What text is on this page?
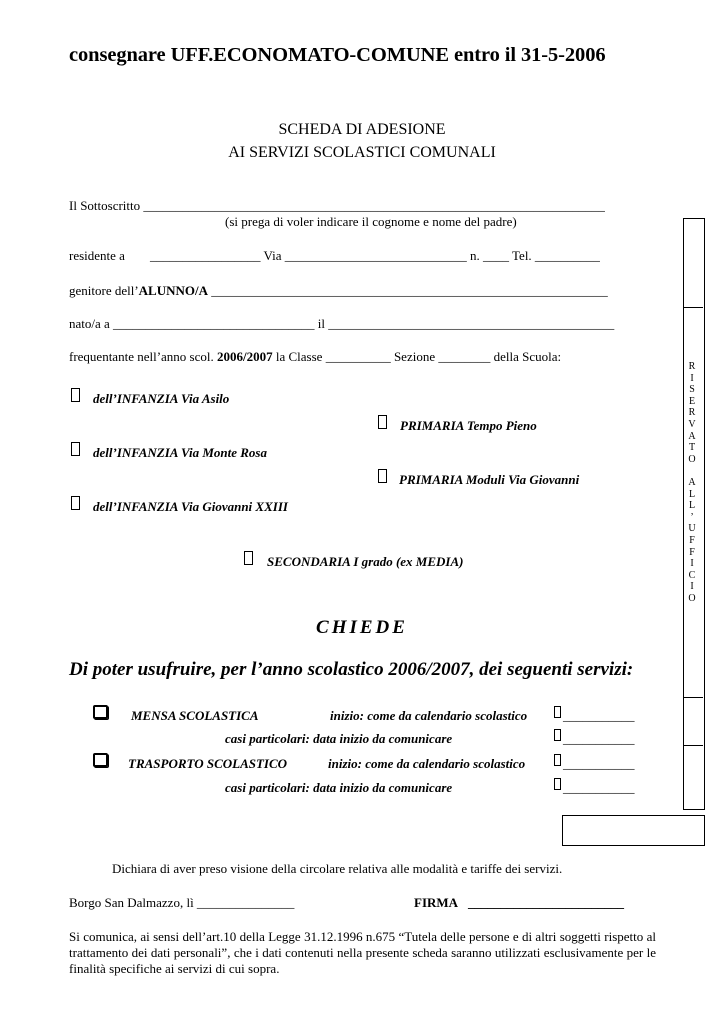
consegnare UFF.ECONOMATO-COMUNE entro il 31-5-2006
SCHEDA DI ADESIONE
AI SERVIZI SCOLASTICI COMUNALI
Il Sottoscritto _______________________________________________________________________
(si prega di voler indicare il cognome e nome del padre)
residente a _________________ Via ____________________________ n. ____ Tel. __________
genitore dell’ALUNNO/A _____________________________________________________________
nato/a a _______________________________ il ____________________________________________
frequentante nell’anno scol. 2006/2007 la Classe __________ Sezione ________ della Scuola:
dell’INFANZIA Via Asilo
PRIMARIA Tempo Pieno
dell’INFANZIA Via Monte Rosa
PRIMARIA Moduli Via Giovanni
dell’INFANZIA Via Giovanni XXIII
SECONDARIA I grado (ex MEDIA)
CHIEDE
Di poter usufruire, per l’anno scolastico 2006/2007, dei seguenti servizi:
MENSA SCOLASTICA	inizio: come da calendario scolastico	___________
casi particolari: data inizio da comunicare	___________
TRASPORTO SCOLASTICO	inizio: come da calendario scolastico	___________
casi particolari: data inizio da comunicare	___________
R
I
S
E
R
V
A
T
O

A
L
L
’
U
F
F
I
C
I
O
Dichiara di aver preso visione della circolare relativa alle modalità e tariffe dei servizi.
Borgo San Dalmazzo, lì _______________	FIRMA ________________________
Si comunica, ai sensi dell’art.10 della Legge 31.12.1996 n.675 “Tutela delle persone e di altri soggetti rispetto al trattamento dei dati personali”, che i dati contenuti nella presente scheda saranno utilizzati esclusivamente per le finalità specifiche ai servizi di cui sopra.
